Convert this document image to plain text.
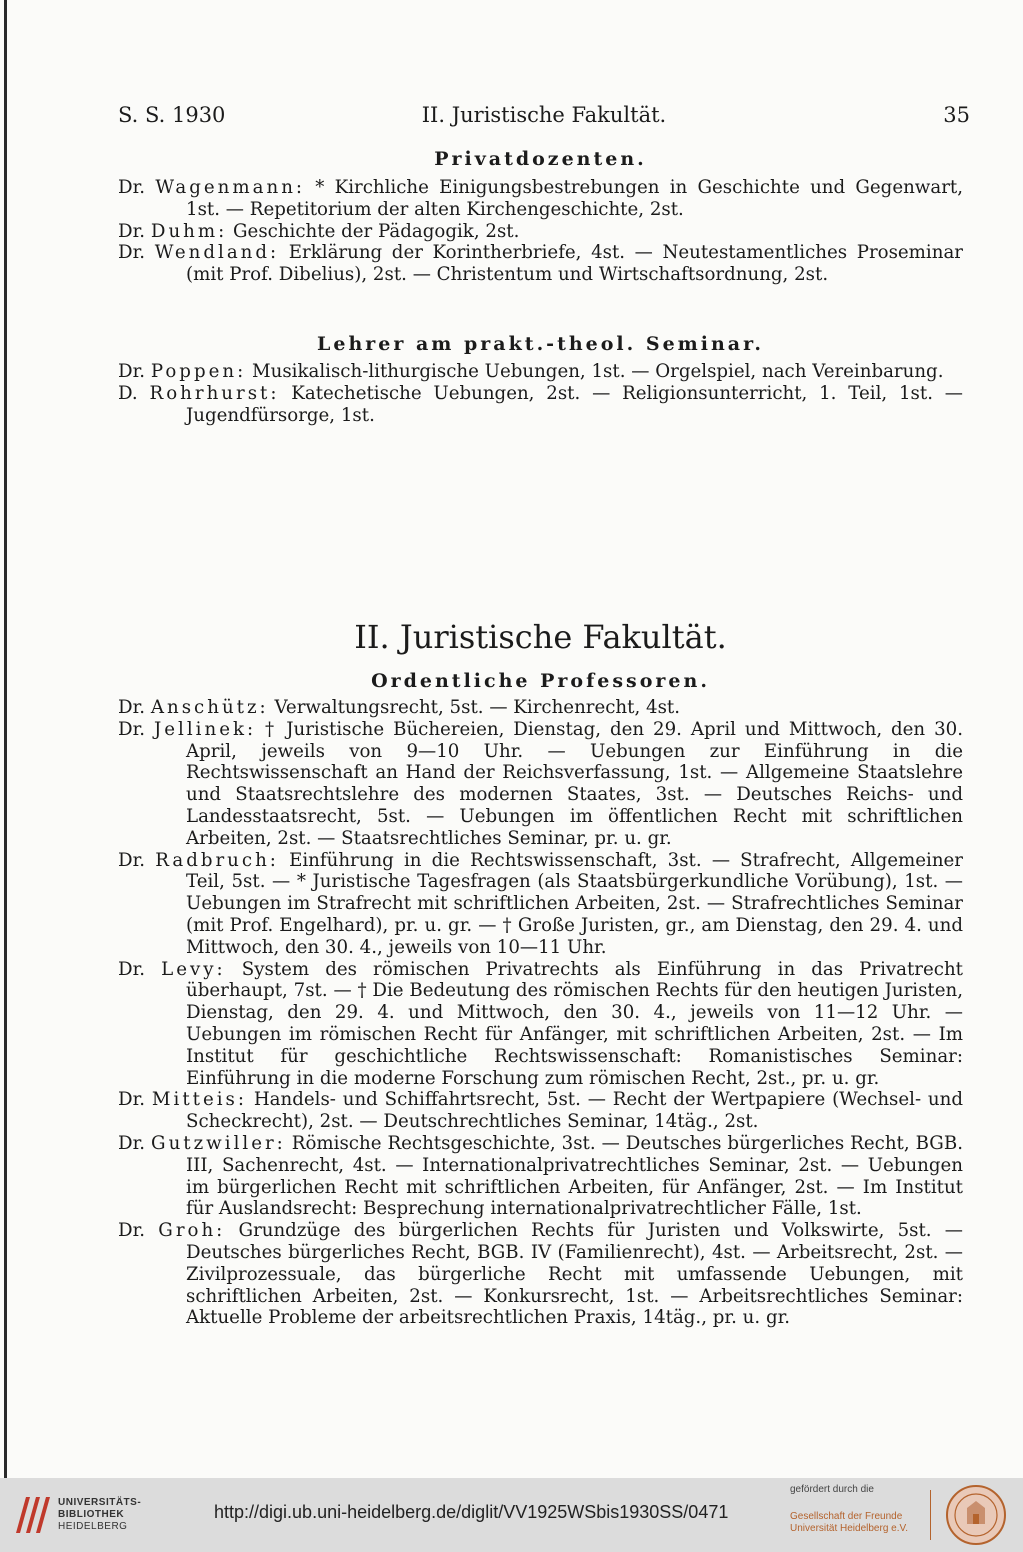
S. S. 1930	II. Juristische Fakultät.	35
Privatdozenten.

Dr. Wagenmann: * Kirchliche Einigungsbestrebungen in Geschichte und Gegenwart, 1st. — Repetitorium der alten Kirchengeschichte, 2st.

Dr. Duhm: Geschichte der Pädagogik, 2st.

Dr. Wendland: Erklärung der Korintherbriefe, 4st. — Neutestamentliches Proseminar (mit Prof. Dibelius), 2st. — Christentum und Wirtschaftsordnung, 2st.

Lehrer am prakt.-theol. Seminar.

Dr. Poppen: Musikalisch-lithurgische Uebungen, 1st. — Orgelspiel, nach Vereinbarung.

D. Rohrhurst: Katechetische Uebungen, 2st. — Religionsunterricht, 1. Teil, 1st. — Jugendfürsorge, 1st.

II. Juristische Fakultät.
Ordentliche Professoren.

Dr. Anschütz: Verwaltungsrecht, 5st. — Kirchenrecht, 4st.

Dr. Jellinek: † Juristische Büchereien, Dienstag, den 29. April und Mittwoch, den 30. April, jeweils von 9—10 Uhr. — Uebungen zur Einführung in die Rechtswissenschaft an Hand der Reichsverfassung, 1st. — Allgemeine Staatslehre und Staatsrechtslehre des modernen Staates, 3st. — Deutsches Reichs- und Landesstaatsrecht, 5st. — Uebungen im öffentlichen Recht mit schriftlichen Arbeiten, 2st. — Staatsrechtliches Seminar, pr. u. gr.

Dr. Radbruch: Einführung in die Rechtswissenschaft, 3st. — Strafrecht, Allgemeiner Teil, 5st. — * Juristische Tagesfragen (als Staatsbürgerkundliche Vorübung), 1st. — Uebungen im Strafrecht mit schriftlichen Arbeiten, 2st. — Strafrechtliches Seminar (mit Prof. Engelhard), pr. u. gr. — † Große Juristen, gr., am Dienstag, den 29. 4. und Mittwoch, den 30. 4., jeweils von 10—11 Uhr.

Dr. Levy: System des römischen Privatrechts als Einführung in das Privatrecht überhaupt, 7st. — † Die Bedeutung des römischen Rechts für den heutigen Juristen, Dienstag, den 29. 4. und Mittwoch, den 30. 4., jeweils von 11—12 Uhr. — Uebungen im römischen Recht für Anfänger, mit schriftlichen Arbeiten, 2st. — Im Institut für geschichtliche Rechtswissenschaft: Romanistisches Seminar: Einführung in die moderne Forschung zum römischen Recht, 2st., pr. u. gr.

Dr. Mitteis: Handels- und Schiffahrtsrecht, 5st. — Recht der Wertpapiere (Wechsel- und Scheckrecht), 2st. — Deutschrechtliches Seminar, 14täg., 2st.

Dr. Gutzwiller: Römische Rechtsgeschichte, 3st. — Deutsches bürgerliches Recht, BGB. III, Sachenrecht, 4st. — Internationalprivatrechtliches Seminar, 2st. — Uebungen im bürgerlichen Recht mit schriftlichen Arbeiten, für Anfänger, 2st. — Im Institut für Auslandsrecht: Besprechung internationalprivatrechtlicher Fälle, 1st.

Dr. Groh: Grundzüge des bürgerlichen Rechts für Juristen und Volkswirte, 5st. — Deutsches bürgerliches Recht, BGB. IV (Familienrecht), 4st. — Arbeitsrecht, 2st. — Zivilprozessuale, das bürgerliche Recht mit umfassende Uebungen, mit schriftlichen Arbeiten, 2st. — Konkursrecht, 1st. — Arbeitsrechtliches Seminar: Aktuelle Probleme der arbeitsrechtlichen Praxis, 14täg., pr. u. gr.

UNIVERSITÄTS-
BIBLIOTHEK
HEIDELBERG
http://digi.ub.uni-heidelberg.de/diglit/VV1925WSbis1930SS/0471
gefördert durch die
Gesellschaft der Freunde
Universität Heidelberg e.V.
